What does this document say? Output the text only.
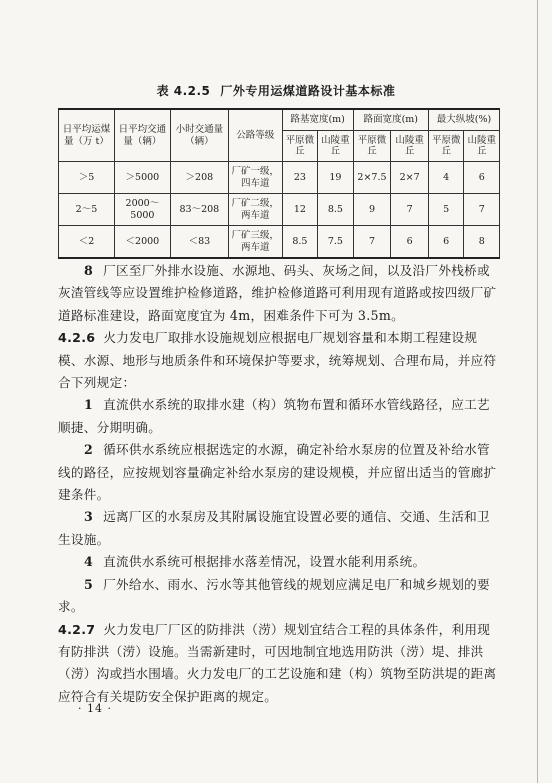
表 4.2.5 厂外专用运煤道路设计基本标准
日平均运煤量（万 t）	日平均交通量（辆）	小时交通量（辆）	公路等级	路基宽度(m)		路面宽度(m)		最大纵坡(%)	
				平原微丘	山陵重丘	平原微丘	山陵重丘	平原微丘	山陵重丘
＞5	＞5000	＞208	厂矿一级，四车道	23	19	2×7.5	2×7	4	6
2～5	2000～5000	83～208	厂矿二级，两车道	12	8.5	9	7	5	7
＜2	＜2000	＜83	厂矿三级，两车道	8.5	7.5	7	6	6	8

8 厂区至厂外排水设施、水源地、码头、灰场之间，以及沿厂外栈桥或灰渣管线等应设置维护检修道路，维护检修道路可利用现有道路或按四级厂矿道路标准建设，路面宽度宜为 4m，困难条件下可为 3.5m。

4.2.6 火力发电厂取排水设施规划应根据电厂规划容量和本期工程建设规模、水源、地形与地质条件和环境保护等要求，统筹规划、合理布局，并应符合下列规定：

1 直流供水系统的取排水建（构）筑物布置和循环水管线路径，应工艺顺捷、分期明确。

2 循环供水系统应根据选定的水源，确定补给水泵房的位置及补给水管线的路径，应按规划容量确定补给水泵房的建设规模，并应留出适当的管廊扩建条件。

3 远离厂区的水泵房及其附属设施宜设置必要的通信、交通、生活和卫生设施。

4 直流供水系统可根据排水落差情况，设置水能利用系统。

5 厂外给水、雨水、污水等其他管线的规划应满足电厂和城乡规划的要求。

4.2.7 火力发电厂厂区的防排洪（涝）规划宜结合工程的具体条件，利用现有防排洪（涝）设施。当需新建时，可因地制宜地选用防洪（涝）堤、排洪（涝）沟或挡水围墙。火力发电厂的工艺设施和建（构）筑物至防洪堤的距离应符合有关堤防安全保护距离的规定。

· 14 ·
